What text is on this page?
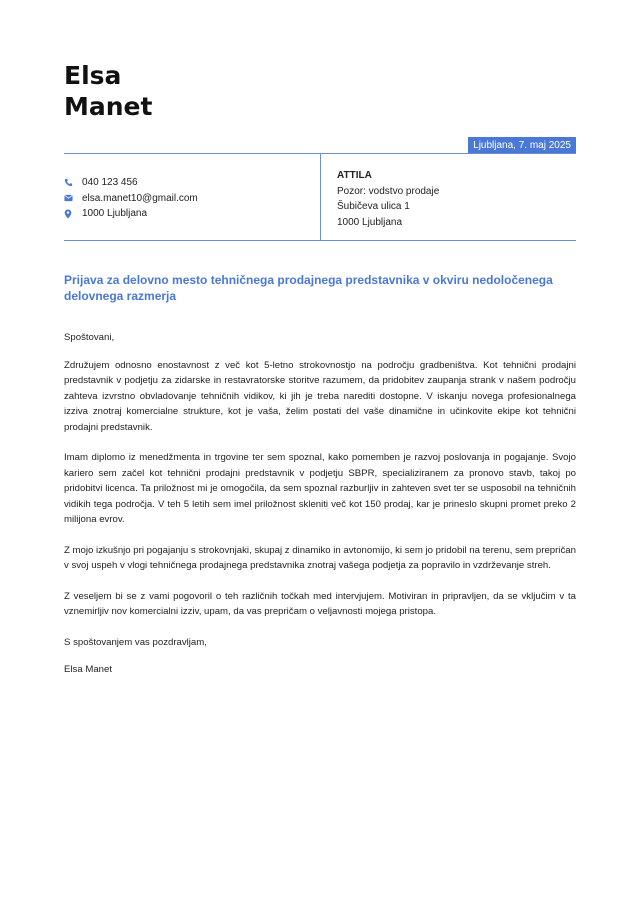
Elsa
Manet
Ljubljana, 7. maj 2025
040 123 456
elsa.manet10@gmail.com
1000 Ljubljana
ATTILA
Pozor: vodstvo prodaje
Šubičeva ulica 1
1000 Ljubljana
Prijava za delovno mesto tehničnega prodajnega predstavnika v okviru nedoločenega delovnega razmerja

Spoštovani,

Združujem odnosno enostavnost z več kot 5-letno strokovnostjo na področju gradbeništva. Kot tehnični prodajni predstavnik v podjetju za zidarske in restavratorske storitve razumem, da pridobitev zaupanja strank v našem področju zahteva izvrstno obvladovanje tehničnih vidikov, ki jih je treba narediti dostopne. V iskanju novega profesionalnega izziva znotraj komercialne strukture, kot je vaša, želim postati del vaše dinamične in učinkovite ekipe kot tehnični prodajni predstavnik.

Imam diplomo iz menedžmenta in trgovine ter sem spoznal, kako pomemben je razvoj poslovanja in pogajanje. Svojo kariero sem začel kot tehnični prodajni predstavnik v podjetju SBPR, specializiranem za pronovo stavb, takoj po pridobitvi licenca. Ta priložnost mi je omogočila, da sem spoznal razburljiv in zahteven svet ter se usposobil na tehničnih vidikih tega področja. V teh 5 letih sem imel priložnost skleniti več kot 150 prodaj, kar je prineslo skupni promet preko 2 milijona evrov.

Z mojo izkušnjo pri pogajanju s strokovnjaki, skupaj z dinamiko in avtonomijo, ki sem jo pridobil na terenu, sem prepričan v svoj uspeh v vlogi tehničnega prodajnega predstavnika znotraj vašega podjetja za popravilo in vzdrževanje streh.

Z veseljem bi se z vami pogovoril o teh različnih točkah med intervjujem. Motiviran in pripravljen, da se vključim v ta vznemirljiv nov komercialni izziv, upam, da vas prepričam o veljavnosti mojega pristopa.

S spoštovanjem vas pozdravljam,

Elsa Manet
